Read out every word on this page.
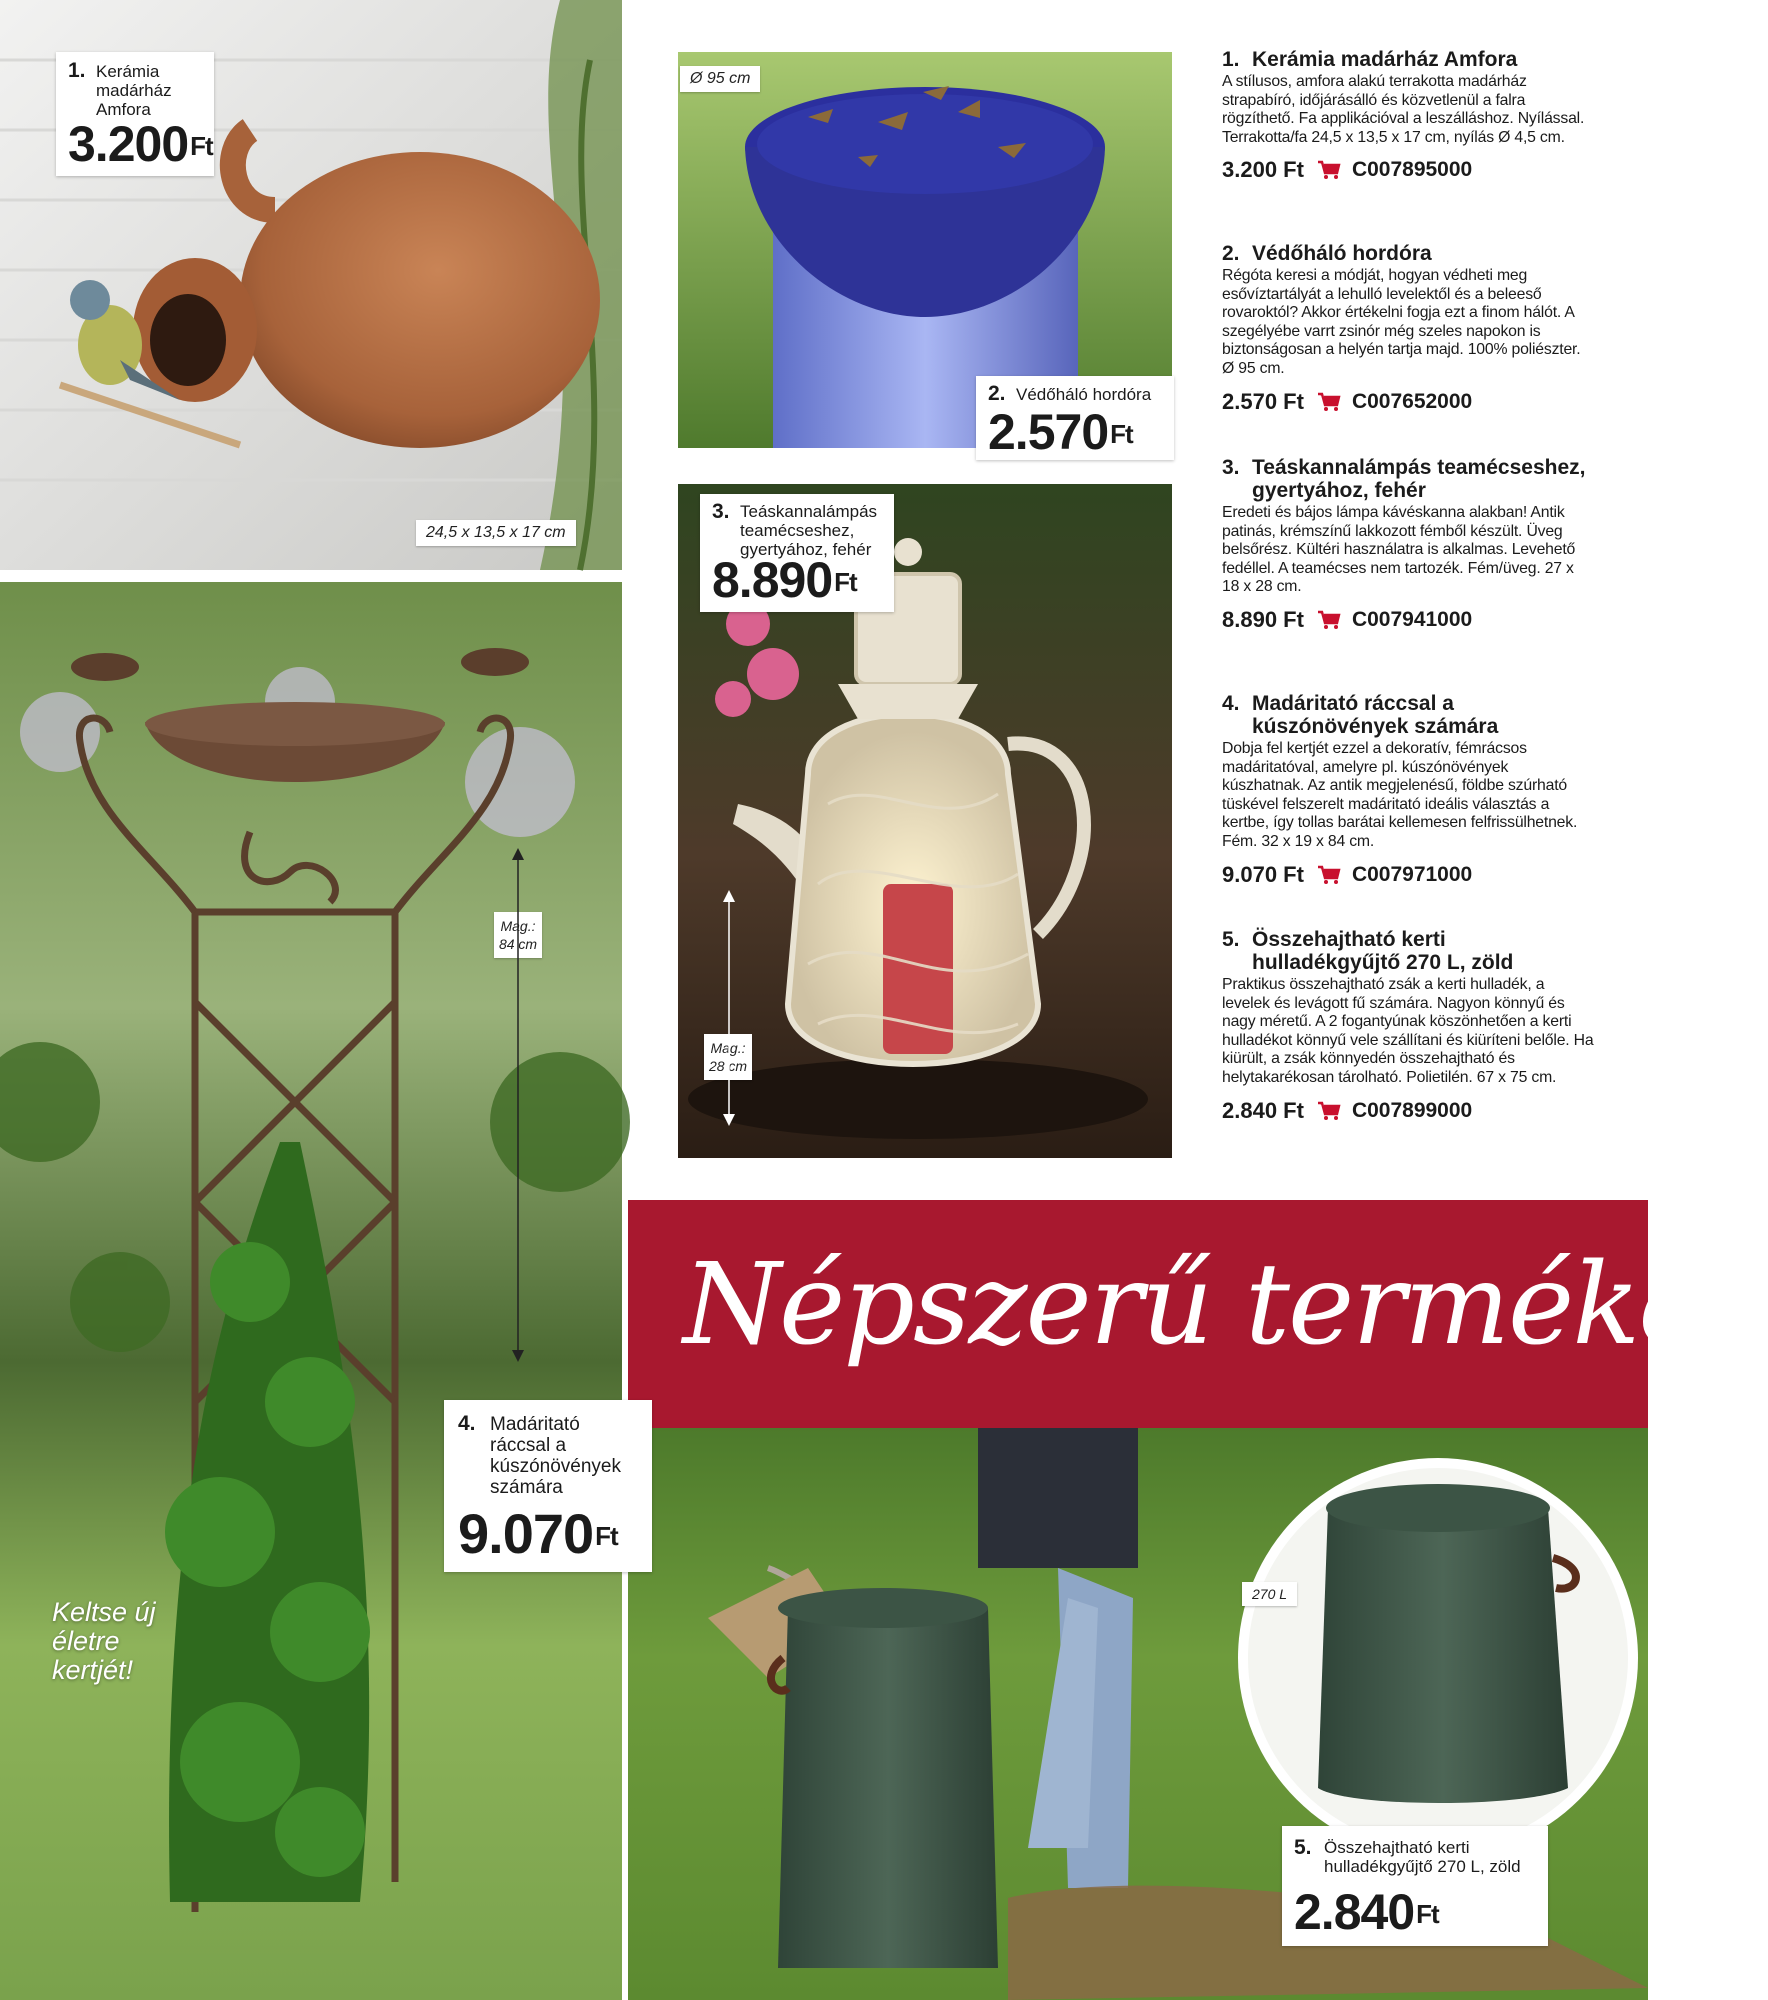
Népszerű termékek
1. Kerámia madárház Amfora
$3.200^{Ft}$
2. Védőháló hordóra
$2.570^{Ft}$
3. Teáskannalámpás teamécseshez, gyertyához, fehér
$8.890^{Ft}$
4. Madáritató ráccsal a kúszónövények számára
$9.070^{Ft}$
5. Összehajtható kerti hulladékgyűjtő 270 L, zöld
$2.840^{Ft}$
24,5 x 13,5 x 17 cm
Ø 95 cm
Mag.:
28 cm
Mag.:
84 cm
270 L
Keltse új életre kertjét!
1. Kerámia madárház Amfora
A stílusos, amfora alakú terrakotta madárház strapabíró, időjárásálló és közvetlenül a falra rögzíthető. Fa applikációval a leszálláshoz. Nyílással. Terrakotta/fa 24,5 x 13,5 x 17 cm, nyílás Ø 4,5 cm.
3.200 Ft C007895000
2. Védőháló hordóra
Régóta keresi a módját, hogyan védheti meg esővíztartályát a lehulló levelektől és a beleeső rovaroktól? Akkor értékelni fogja ezt a finom hálót. A szegélyébe varrt zsinór még szeles napokon is biztonságosan a helyén tartja majd. 100% poliészter. Ø 95 cm.
2.570 Ft C007652000
3. Teáskannalámpás teamécseshez, gyertyához, fehér
Eredeti és bájos lámpa kávéskanna alakban! Antik patinás, krémszínű lakkozott fémből készült. Üveg belsőrész. Kültéri használatra is alkalmas. Levehető fedéllel. A teamécses nem tartozék. Fém/üveg. 27 x 18 x 28 cm.
8.890 Ft C007941000
4. Madáritató ráccsal a kúszónövények számára
Dobja fel kertjét ezzel a dekoratív, fémrácsos madáritatóval, amelyre pl. kúszónövények kúszhatnak. Az antik megjelenésű, földbe szúrható tüskével felszerelt madáritató ideális választás a kertbe, így tollas barátai kellemesen felfrissülhetnek. Fém. 32 x 19 x 84 cm.
9.070 Ft C007971000
5. Összehajtható kerti hulladékgyűjtő 270 L, zöld
Praktikus összehajtható zsák a kerti hulladék, a levelek és levágott fű számára. Nagyon könnyű és nagy méretű. A 2 fogantyúnak köszönhetően a kerti hulladékot könnyű vele szállítani és kiüríteni belőle. Ha kiürült, a zsák könnyedén összehajtható és helytakarékosan tárolható. Polietilén. 67 x 75 cm.
2.840 Ft C007899000
